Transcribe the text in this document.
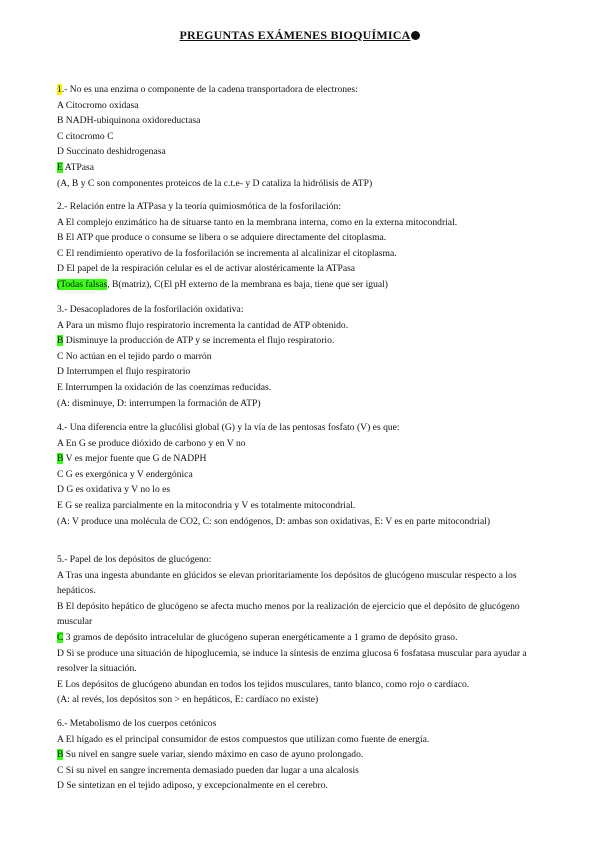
PREGUNTAS EXÁMENES BIOQUÍMICA
1.- No es una enzima o componente de la cadena transportadora de electrones:
A Citocromo oxidasa
B NADH-ubiquinona oxidoreductasa
C citocromo C
D Succinato deshidrogenasa
E ATPasa
(A, B y C son componentes proteicos de la c.t.e- y D cataliza la hidrólisis de ATP)
2.- Relación entre la ATPasa y la teoría quimiosmótica de la fosforilación:
A El complejo enzimático ha de situarse tanto en la membrana interna, como en la externa mitocondrial.
B El ATP que produce o consume se libera o se adquiere directamente del citoplasma.
C El rendimiento operativo de la fosforilación se incrementa al alcalinizar el citoplasma.
D El papel de la respiración celular es el de activar alostéricamente la ATPasa
(Todas falsas, B(matriz), C(El pH externo de la membrana es baja, tiene que ser igual)
3.- Desacopladores de la fosforilación oxidativa:
A Para un mismo flujo respiratorio incrementa la cantidad de ATP obtenido.
B Disminuye la producción de ATP y se incrementa el flujo respiratorio.
C No actúan en el tejido pardo o marrón
D Interrumpen el flujo respiratorio
E Interrumpen la oxidación de las coenzimas reducidas.
(A: disminuye, D: interrumpen la formación de ATP)
4.- Una diferencia entre la glucólisi global (G) y la vía de las pentosas fosfato (V) es que:
A En G se produce dióxido de carbono y en V no
B V es mejor fuente que G de NADPH
C G es exergónica y V endergónica
D G es oxidativa y V no lo es
E G se realiza parcialmente en la mitocondria y V es totalmente mitocondrial.
(A: V produce una molécula de CO2, C: son endógenos, D: ambas son oxidativas, E: V es en parte mitocondrial)
5.- Papel de los depósitos de glucógeno:
A Tras una ingesta abundante en glúcidos se elevan prioritariamente los depósitos de glucógeno muscular respecto a los hepáticos.
B El depósito hepático de glucógeno se afecta mucho menos por la realización de ejercicio que el depósito de glucógeno muscular
C 3 gramos de depósito intracelular de glucógeno superan energéticamente a 1 gramo de depósito graso.
D Si se produce una situación de hipoglucemia, se induce la síntesis de enzima glucosa 6 fosfatasa muscular para ayudar a resolver la situación.
E Los depósitos de glucógeno abundan en todos los tejidos musculares, tanto blanco, como rojo o cardíaco.
(A: al revés, los depósitos son > en hepáticos, E: cardíaco no existe)
6.- Metabolismo de los cuerpos cetónicos
A El hígado es el principal consumidor de estos compuestos que utilizan como fuente de energía.
B Su nivel en sangre suele variar, siendo máximo en caso de ayuno prolongado.
C Si su nivel en sangre incrementa demasiado pueden dar lugar a una alcalosis
D Se sintetizan en el tejido adiposo, y excepcionalmente en el cerebro.
